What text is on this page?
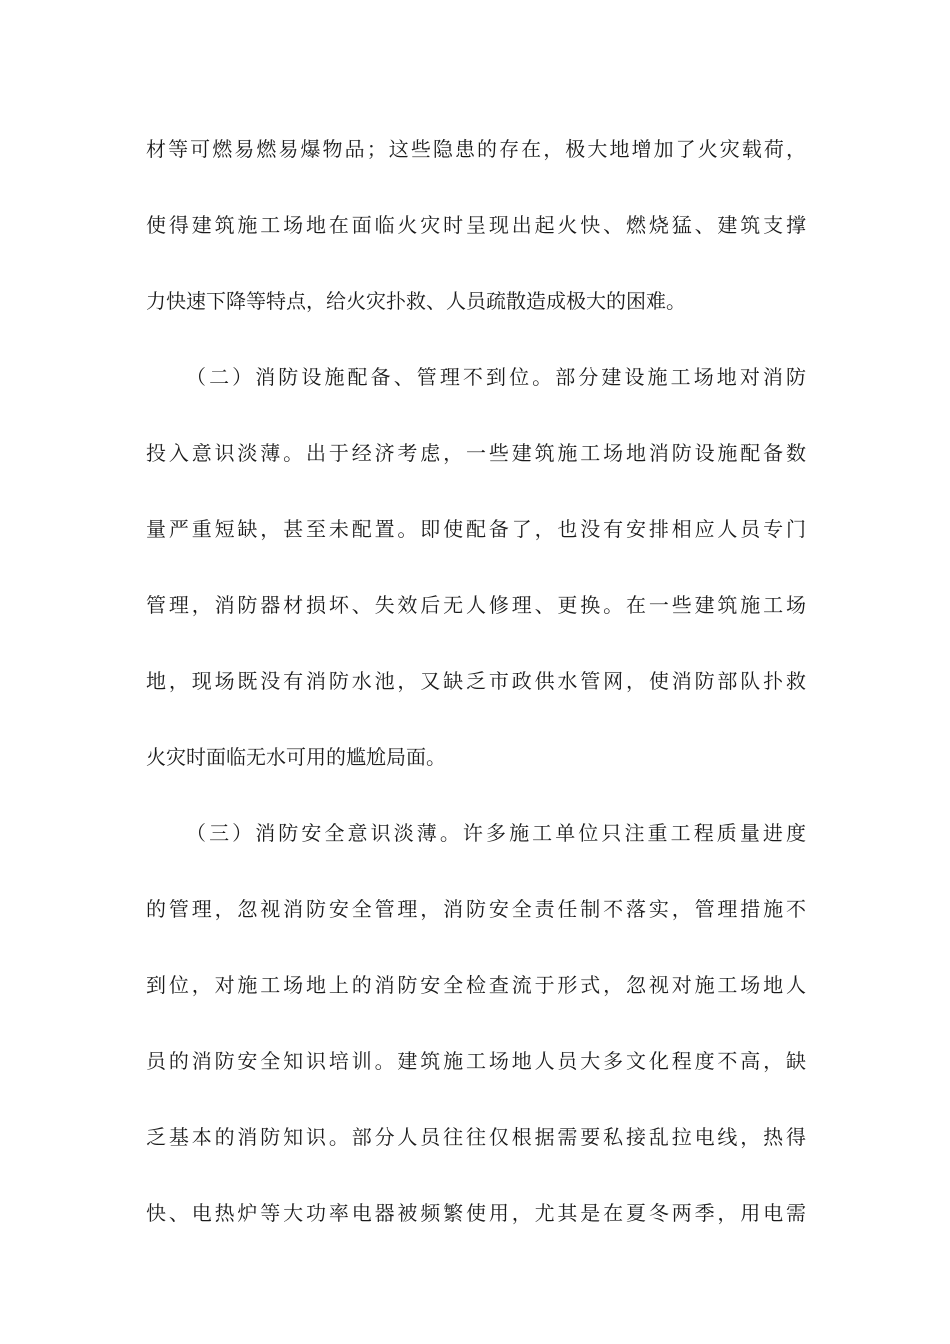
材等可燃易燃易爆物品；这些隐患的存在，极大地增加了火灾载荷，
使得建筑施工场地在面临火灾时呈现出起火快、燃烧猛、建筑支撑
力快速下降等特点，给火灾扑救、人员疏散造成极大的困难。
（二）消防设施配备、管理不到位。部分建设施工场地对消防
投入意识淡薄。出于经济考虑，一些建筑施工场地消防设施配备数
量严重短缺，甚至未配置。即使配备了，也没有安排相应人员专门
管理，消防器材损坏、失效后无人修理、更换。在一些建筑施工场
地，现场既没有消防水池，又缺乏市政供水管网，使消防部队扑救
火灾时面临无水可用的尴尬局面。
（三）消防安全意识淡薄。许多施工单位只注重工程质量进度
的管理，忽视消防安全管理，消防安全责任制不落实，管理措施不
到位，对施工场地上的消防安全检查流于形式，忽视对施工场地人
员的消防安全知识培训。建筑施工场地人员大多文化程度不高，缺
乏基本的消防知识。部分人员往往仅根据需要私接乱拉电线，热得
快、电热炉等大功率电器被频繁使用，尤其是在夏冬两季，用电需
